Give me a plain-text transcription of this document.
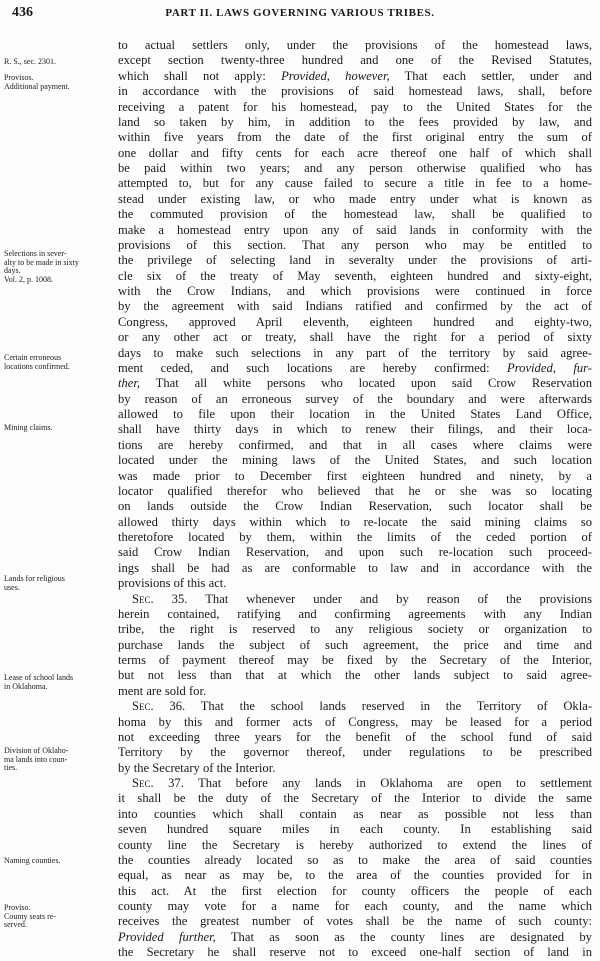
436	PART II. LAWS GOVERNING VARIOUS TRIBES.
R. S., sec. 2301.
Provisos.
Additional payment.
Selections in sever-
alty to be made in sixty
days.
Vol. 2, p. 1008.
Certain erroneous
locations confirmed.
Mining claims.
Lands for religious
uses.
Lease of school lands
in Oklahoma.
Division of Oklaho-
ma lands into coun-
ties.
Naming counties.
Proviso.
County seats re-
served.
to actual settlers only, under the provisions of the homestead laws,
except section twenty-three hundred and one of the Revised Statutes,
which shall not apply: Provided, however, That each settler, under and
in accordance with the provisions of said homestead laws, shall, before
receiving a patent for his homestead, pay to the United States for the
land so taken by him, in addition to the fees provided by law, and
within five years from the date of the first original entry the sum of
one dollar and fifty cents for each acre thereof one half of which shall
be paid within two years; and any person otherwise qualified who has
attempted to, but for any cause failed to secure a title in fee to a home-
stead under existing law, or who made entry under what is known as
the commuted provision of the homestead law, shall be qualified to
make a homestead entry upon any of said lands in conformity with the
provisions of this section. That any person who may be entitled to
the privilege of selecting land in severalty under the provisions of arti-
cle six of the treaty of May seventh, eighteen hundred and sixty-eight,
with the Crow Indians, and which provisions were continued in force
by the agreement with said Indians ratified and confirmed by the act of
Congress, approved April eleventh, eighteen hundred and eighty-two,
or any other act or treaty, shall have the right for a period of sixty
days to make such selections in any part of the territory by said agree-
ment ceded, and such locations are hereby confirmed: Provided, fur-
ther, That all white persons who located upon said Crow Reservation
by reason of an erroneous survey of the boundary and were afterwards
allowed to file upon their location in the United States Land Office,
shall have thirty days in which to renew their filings, and their loca-
tions are hereby confirmed, and that in all cases where claims were
located under the mining laws of the United States, and such location
was made prior to December first eighteen hundred and ninety, by a
locator qualified therefor who believed that he or she was so locating
on lands outside the Crow Indian Reservation, such locator shall be
allowed thirty days within which to re-locate the said mining claims so
theretofore located by them, within the limits of the ceded portion of
said Crow Indian Reservation, and upon such re-location such proceed-
ings shall be had as are conformable to law and in accordance with the
provisions of this act.
Sec. 35. That whenever under and by reason of the provisions
herein contained, ratifying and confirming agreements with any Indian
tribe, the right is reserved to any religious society or organization to
purchase lands the subject of such agreement, the price and time and
terms of payment thereof may be fixed by the Secretary of the Interior,
but not less than that at which the other lands subject to said agree-
ment are sold for.
Sec. 36. That the school lands reserved in the Territory of Okla-
homa by this and former acts of Congress, may be leased for a period
not exceeding three years for the benefit of the school fund of said
Territory by the governor thereof, under regulations to be prescribed
by the Secretary of the Interior.
Sec. 37. That before any lands in Oklahoma are open to settlement
it shall be the duty of the Secretary of the Interior to divide the same
into counties which shall contain as near as possible not less than
seven hundred square miles in each county. In establishing said
county line the Secretary is hereby authorized to extend the lines of
the counties already located so as to make the area of said counties
equal, as near as may be, to the area of the counties provided for in
this act. At the first election for county officers the people of each
county may vote for a name for each county, and the name which
receives the greatest number of votes shall be the name of such county:
Provided further, That as soon as the county lines are designated by
the Secretary he shall reserve not to exceed one-half section of land in
